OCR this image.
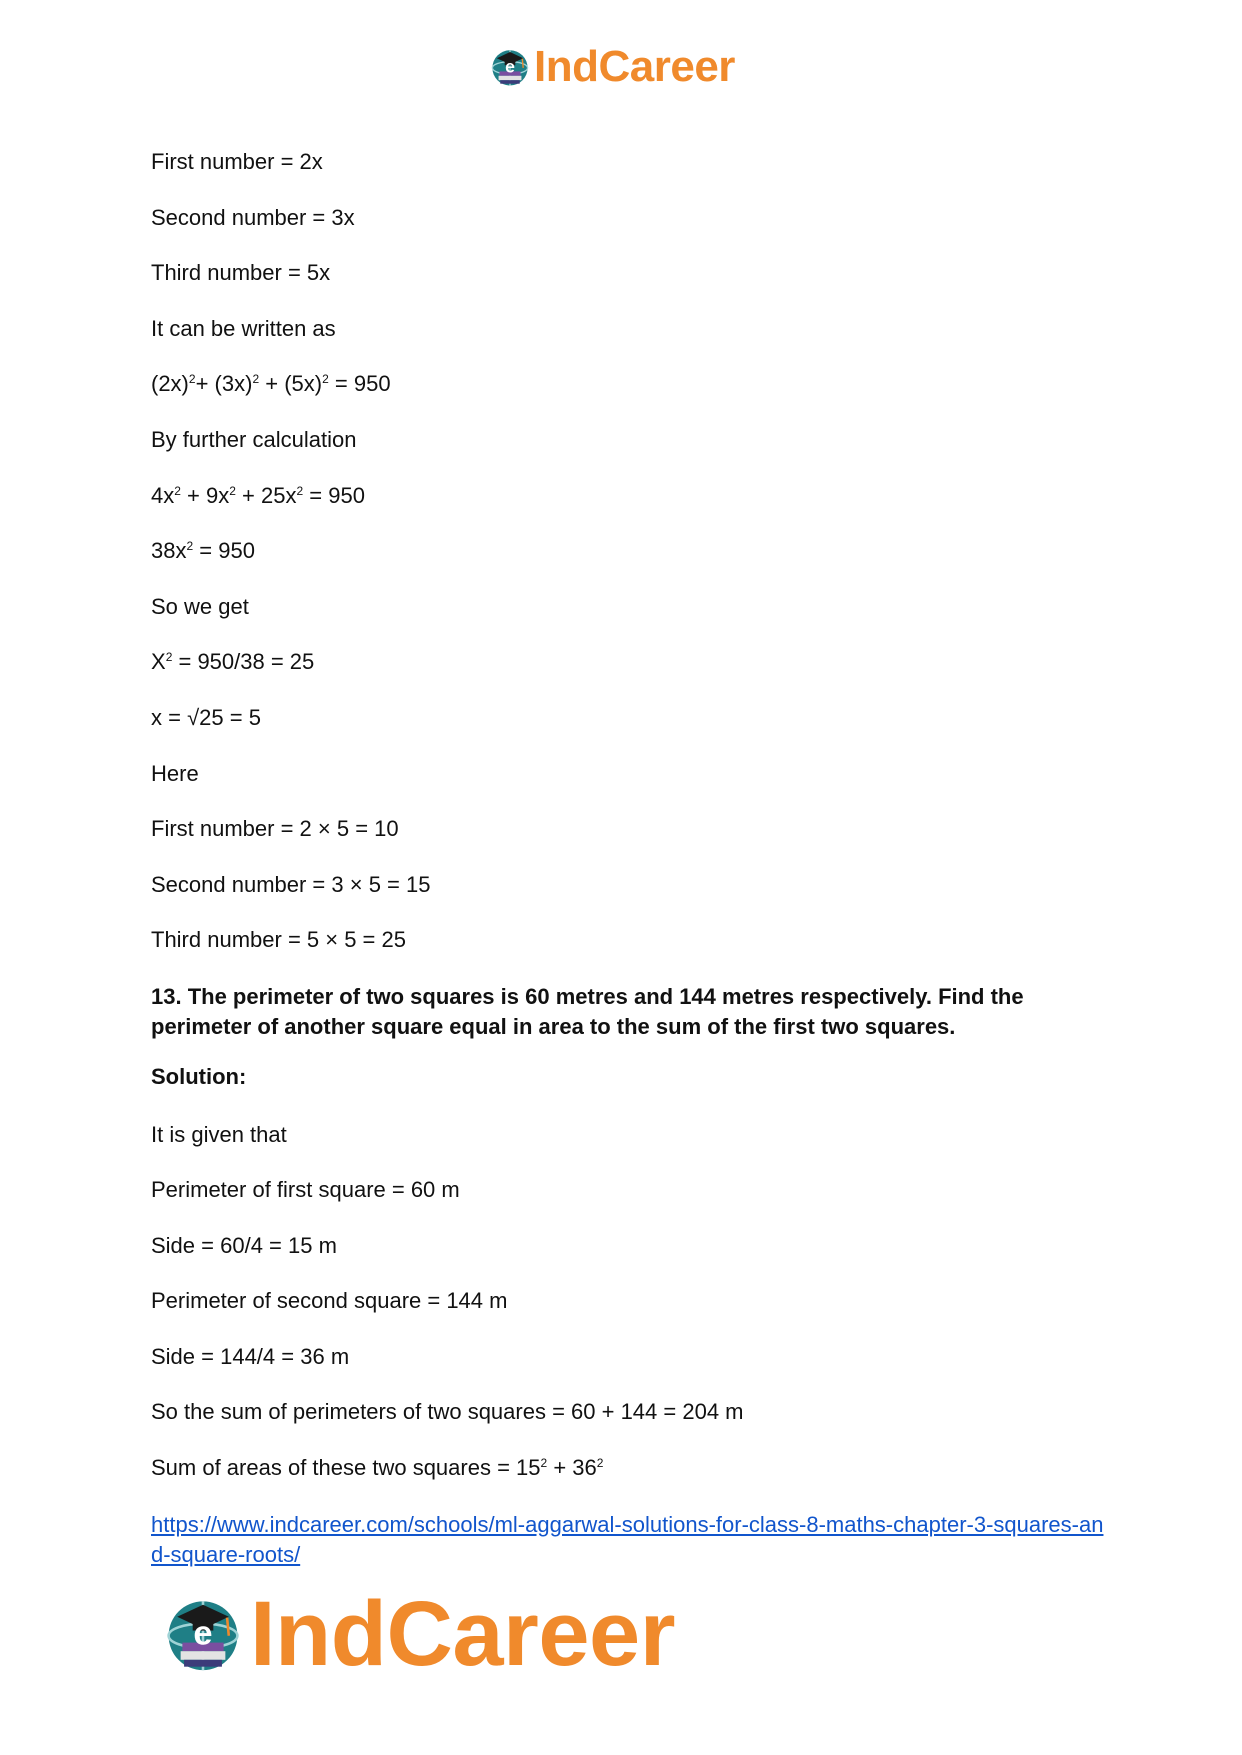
e IndCareer
First number = 2x
Second number = 3x
Third number = 5x
It can be written as
$(2x)^2+ (3x)^2 + (5x)^2 = 950$
By further calculation
$4x^2 + 9x^2 + 25x^2 = 950$
$38x^2 = 950$
So we get
$X^2 = 950/38 = 25$
x = √25 = 5
Here
First number = 2 × 5 = 10
Second number = 3 × 5 = 15
Third number = 5 × 5 = 25
13. The perimeter of two squares is 60 metres and 144 metres respectively. Find the perimeter of another square equal in area to the sum of the first two squares.
Solution:
It is given that
Perimeter of first square = 60 m
Side = 60/4 = 15 m
Perimeter of second square = 144 m
Side = 144/4 = 36 m
So the sum of perimeters of two squares = 60 + 144 = 204 m
Sum of areas of these two squares = $15^2 + 36^2$
https://www.indcareer.com/schools/ml-aggarwal-solutions-for-class-8-maths-chapter-3-squares-and-square-roots/
e IndCareer
